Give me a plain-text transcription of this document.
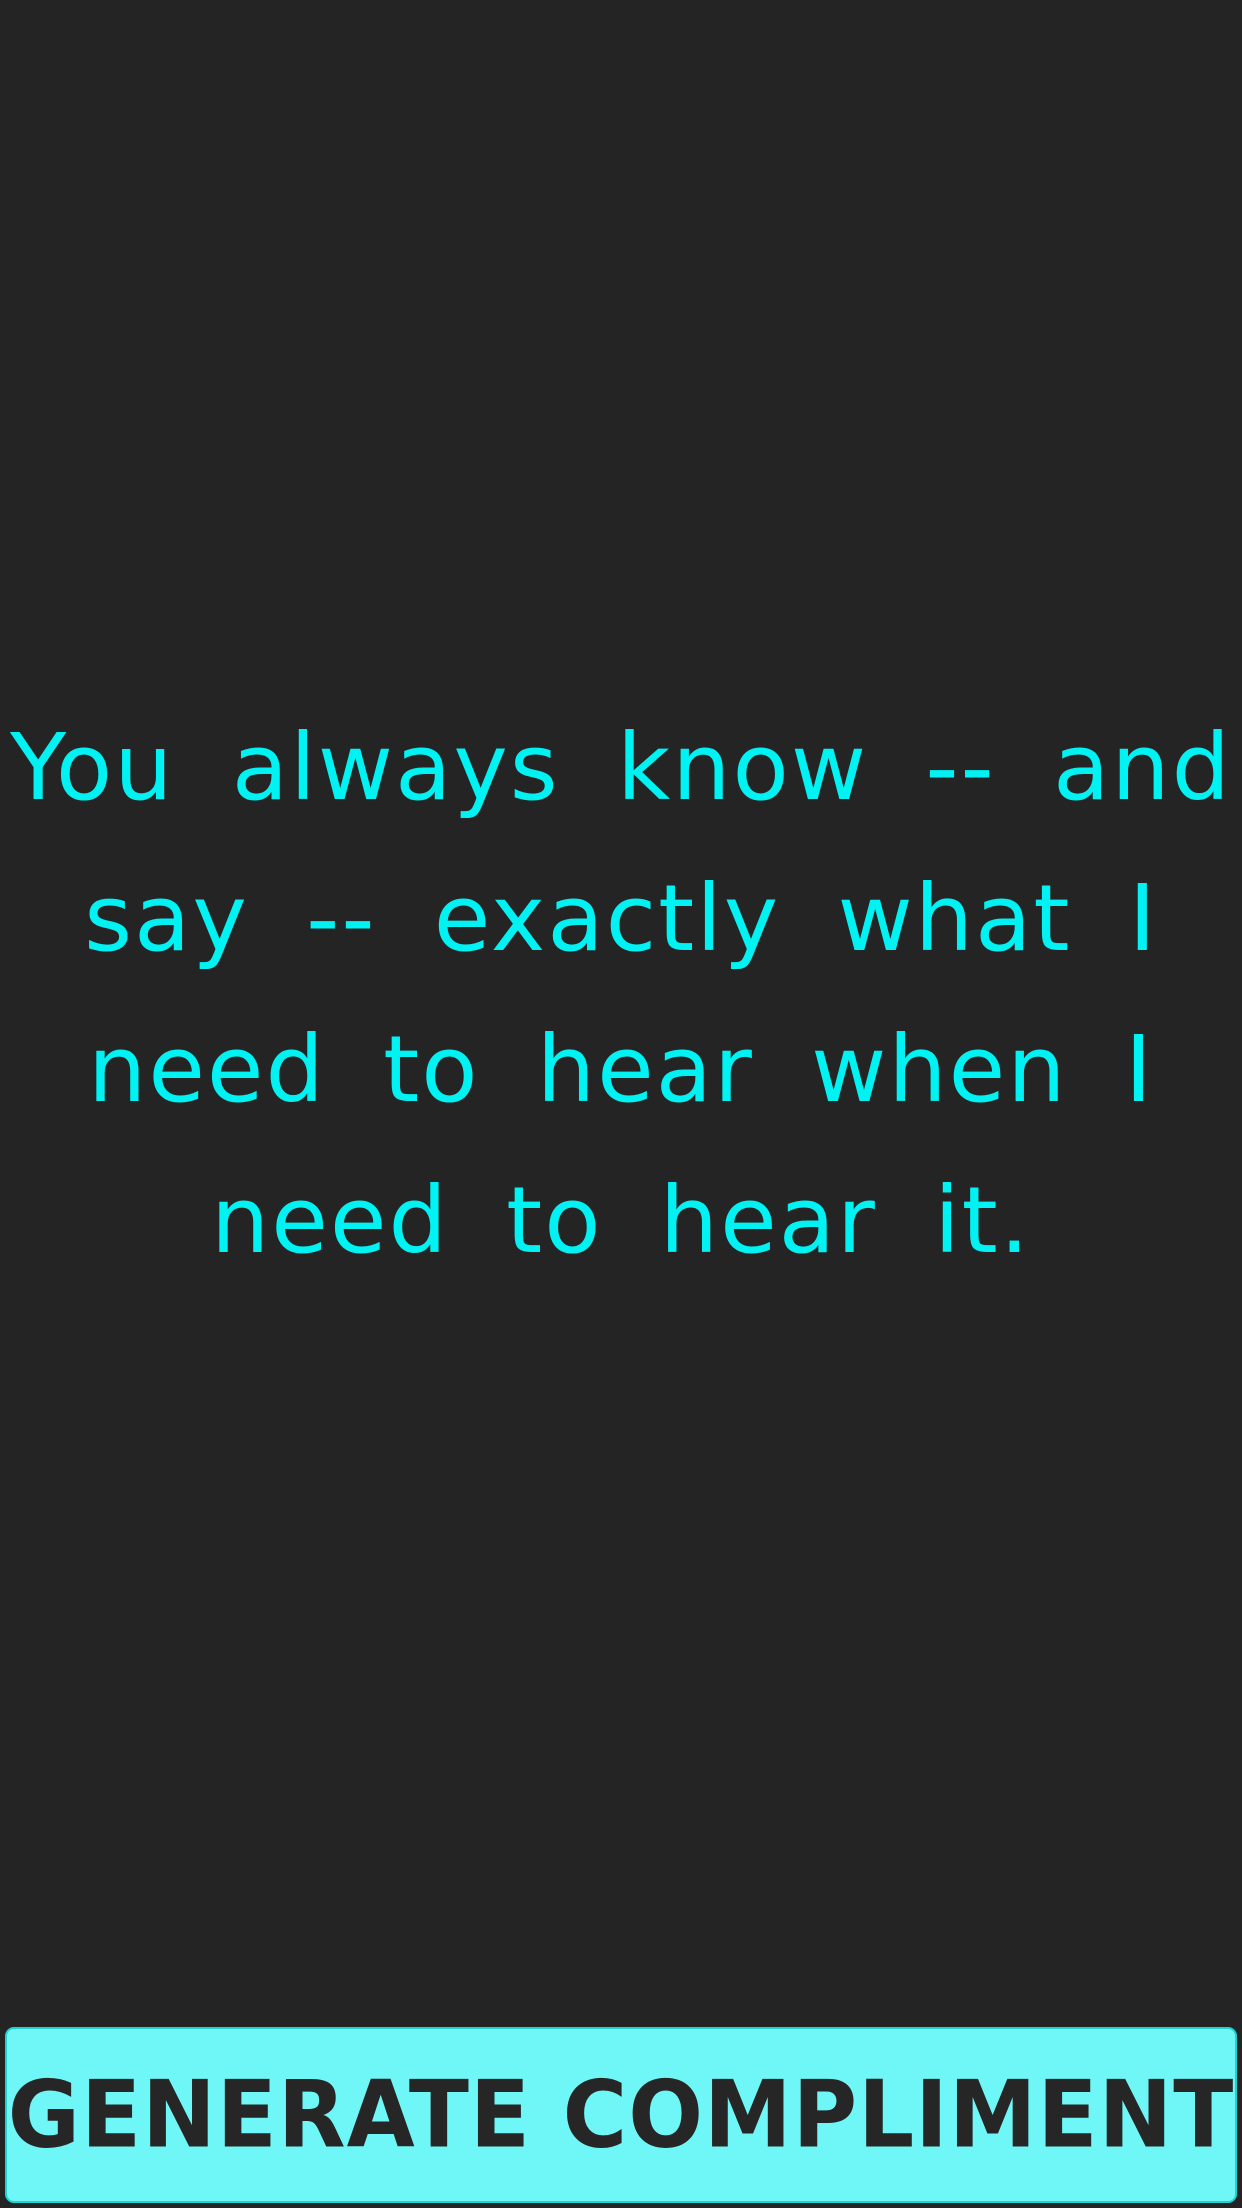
You always know -- and say -- exactly what I need to hear when I need to hear it.

GENERATE COMPLIMENT
